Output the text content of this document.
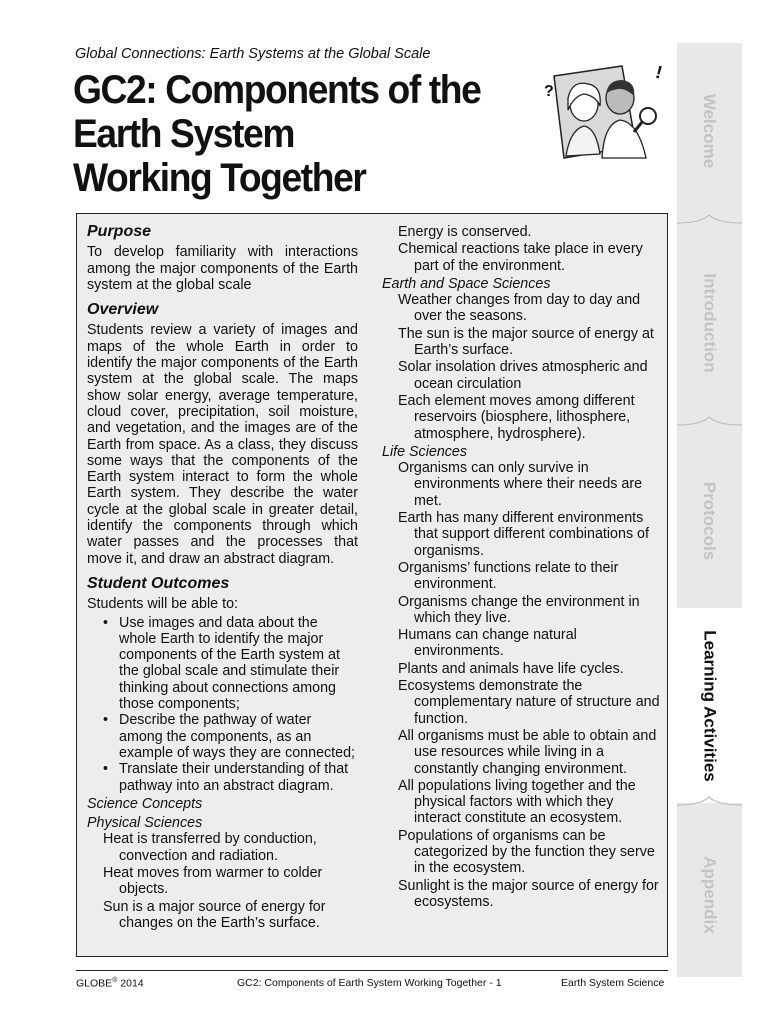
Global Connections: Earth Systems at the Global Scale
GC2: Components of the
Earth System
Working Together
?
!
Purpose

To develop familiarity with interactions among the major components of the Earth system at the global scale

Overview

Students review a variety of images and maps of the whole Earth in order to identify the major components of the Earth system at the global scale. The maps show solar energy, average temperature, cloud cover, precipitation, soil moisture, and vegetation, and the images are of the Earth from space. As a class, they discuss some ways that the components of the Earth system interact to form the whole Earth system. They describe the water cycle at the global scale in greater detail, identify the components through which water passes and the processes that move it, and draw an abstract diagram.

Student Outcomes

Students will be able to:

• Use images and data about the whole Earth to identify the major components of the Earth system at the global scale and stimulate their thinking about connections among those components;
• Describe the pathway of water among the components, as an example of ways they are connected;
• Translate their understanding of that pathway into an abstract diagram.
Science Concepts
Physical Sciences
Heat is transferred by conduction, convection and radiation.
Heat moves from warmer to colder objects.
Sun is a major source of energy for changes on the Earth’s surface.
Energy is conserved.
Chemical reactions take place in every part of the environment.
Earth and Space Sciences
Weather changes from day to day and over the seasons.
The sun is the major source of energy at Earth’s surface.
Solar insolation drives atmospheric and ocean circulation
Each element moves among different reservoirs (biosphere, lithosphere, atmosphere, hydrosphere).
Life Sciences
Organisms can only survive in environments where their needs are met.
Earth has many different environments that support different combinations of organisms.
Organisms’ functions relate to their environment.
Organisms change the environment in which they live.
Humans can change natural environments.
Plants and animals have life cycles.
Ecosystems demonstrate the complementary nature of structure and function.
All organisms must be able to obtain and use resources while living in a constantly changing environment.
All populations living together and the physical factors with which they interact constitute an ecosystem.
Populations of organisms can be categorized by the function they serve in the ecosystem.
Sunlight is the major source of energy for ecosystems.
Welcome
Introduction
Protocols
Learning Activities
Appendix
GLOBE® 2014	GC2: Components of Earth System Working Together - 1	Earth System Science
